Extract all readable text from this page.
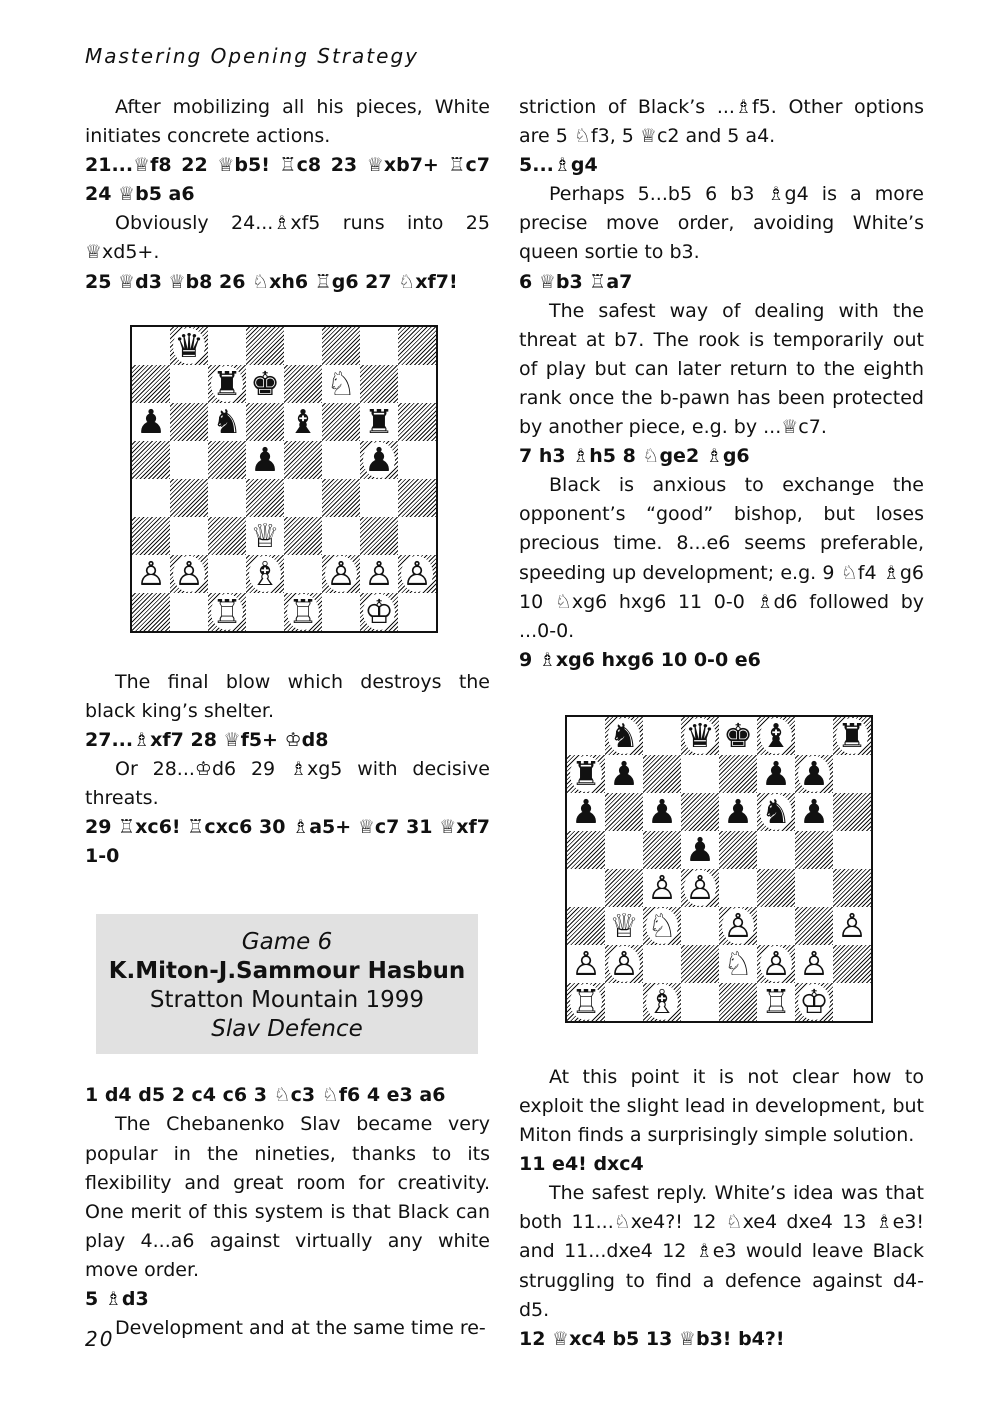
Mastering Opening Strategy

After mobilizing all his pieces, White initiates concrete actions.

21...♕f8 22 ♕b5! ♖c8 23 ♕xb7+ ♖c7 24 ♕b5 a6

Obviously 24...♗xf5 runs into 25 ♕xd5+.

25 ♕d3 ♕b8 26 ♘xh6 ♖g6 27 ♘xf7!

♛
♜ ♚ ♘
♟ ♞ ♝ ♜
♟	♟
♕
♙ ♙ ♗ ♙ ♙ ♙
♖ ♖ ♔

The final blow which destroys the black king’s shelter.

27...♗xf7 28 ♕f5+ ♔d8

Or 28...♔d6 29 ♗xg5 with decisive threats.

29 ♖xc6! ♖cxc6 30 ♗a5+ ♕c7 31 ♕xf7 1-0

Game 6
K.Miton-J.Sammour Hasbun
Stratton Mountain 1999
Slav Defence

1 d4 d5 2 c4 c6 3 ♘c3 ♘f6 4 e3 a6

The Chebanenko Slav became very popular in the nineties, thanks to its flexibility and great room for creativity. One merit of this system is that Black can play 4...a6 against virtually any white move order.

5 ♗d3

Development and at the same time re-

striction of Black’s ...♗f5. Other options are 5 ♘f3, 5 ♕c2 and 5 a4.

5...♗g4

Perhaps 5...b5 6 b3 ♗g4 is a more precise move order, avoiding White’s queen sortie to b3.

6 ♕b3 ♖a7

The safest way of dealing with the threat at b7. The rook is temporarily out of play but can later return to the eighth rank once the b-pawn has been protected by another piece, e.g. by ...♕c7.

7 h3 ♗h5 8 ♘ge2 ♗g6

Black is anxious to exchange the opponent’s “good” bishop, but loses precious time. 8...e6 seems preferable, speeding up development; e.g. 9 ♘f4 ♗g6 10 ♘xg6 hxg6 11 0-0 ♗d6 followed by ...0-0.

9 ♗xg6 hxg6 10 0-0 e6

♞ ♛ ♚ ♝ ♜
♜ ♟	♟ ♟
♟ ♟ ♟ ♞ ♟
♟
♙ ♙
♕ ♘ ♙	♙
♙ ♙	♘ ♙ ♙
♖ ♗	♖ ♔

At this point it is not clear how to exploit the slight lead in development, but Miton finds a surprisingly simple solution.

11 e4! dxc4

The safest reply. White’s idea was that both 11...♘xe4?! 12 ♘xe4 dxe4 13 ♗e3! and 11...dxe4 12 ♗e3 would leave Black struggling to find a defence against d4-d5.

12 ♕xc4 b5 13 ♕b3! b4?!

20
